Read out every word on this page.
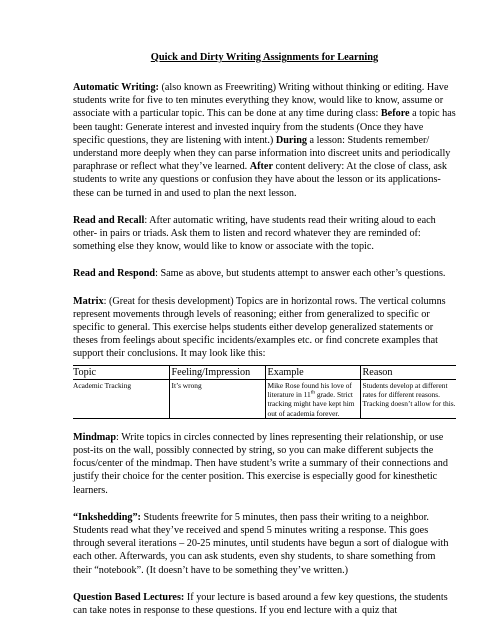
Quick and Dirty Writing Assignments for Learning

Automatic Writing: (also known as Freewriting) Writing without thinking or editing. Have students write for five to ten minutes everything they know, would like to know, assume or associate with a particular topic. This can be done at any time during class: Before a topic has been taught: Generate interest and invested inquiry from the students (Once they have specific questions, they are listening with intent.) During a lesson: Students remember/ understand more deeply when they can parse information into discreet units and periodically paraphrase or reflect what they’ve learned. After content delivery: At the close of class, ask students to write any questions or confusion they have about the lesson or its applications- these can be turned in and used to plan the next lesson.

Read and Recall: After automatic writing, have students read their writing aloud to each other- in pairs or triads. Ask them to listen and record whatever they are reminded of: something else they know, would like to know or associate with the topic.

Read and Respond: Same as above, but students attempt to answer each other’s questions.

Matrix: (Great for thesis development) Topics are in horizontal rows. The vertical columns represent movements through levels of reasoning; either from generalized to specific or specific to general. This exercise helps students either develop generalized statements or theses from feelings about specific incidents/examples etc. or find concrete examples that support their conclusions. It may look like this:

Topic	Feeling/Impression	Example	Reason
Academic Tracking	It’s wrong	Mike Rose found his love of literature in 11th grade. Strict tracking might have kept him out of academia forever.	Students develop at different rates for different reasons. Tracking doesn’t allow for this.

Mindmap: Write topics in circles connected by lines representing their relationship, or use post-its on the wall, possibly connected by string, so you can make different subjects the focus/center of the mindmap. Then have student’s write a summary of their connections and justify their choice for the center position. This exercise is especially good for kinesthetic learners.

“Inkshedding”: Students freewrite for 5 minutes, then pass their writing to a neighbor. Students read what they’ve received and spend 5 minutes writing a response. This goes through several iterations – 20-25 minutes, until students have begun a sort of dialogue with each other. Afterwards, you can ask students, even shy students, to share something from their “notebook”. (It doesn’t have to be something they’ve written.)

Question Based Lectures: If your lecture is based around a few key questions, the students can take notes in response to these questions. If you end lecture with a quiz that
